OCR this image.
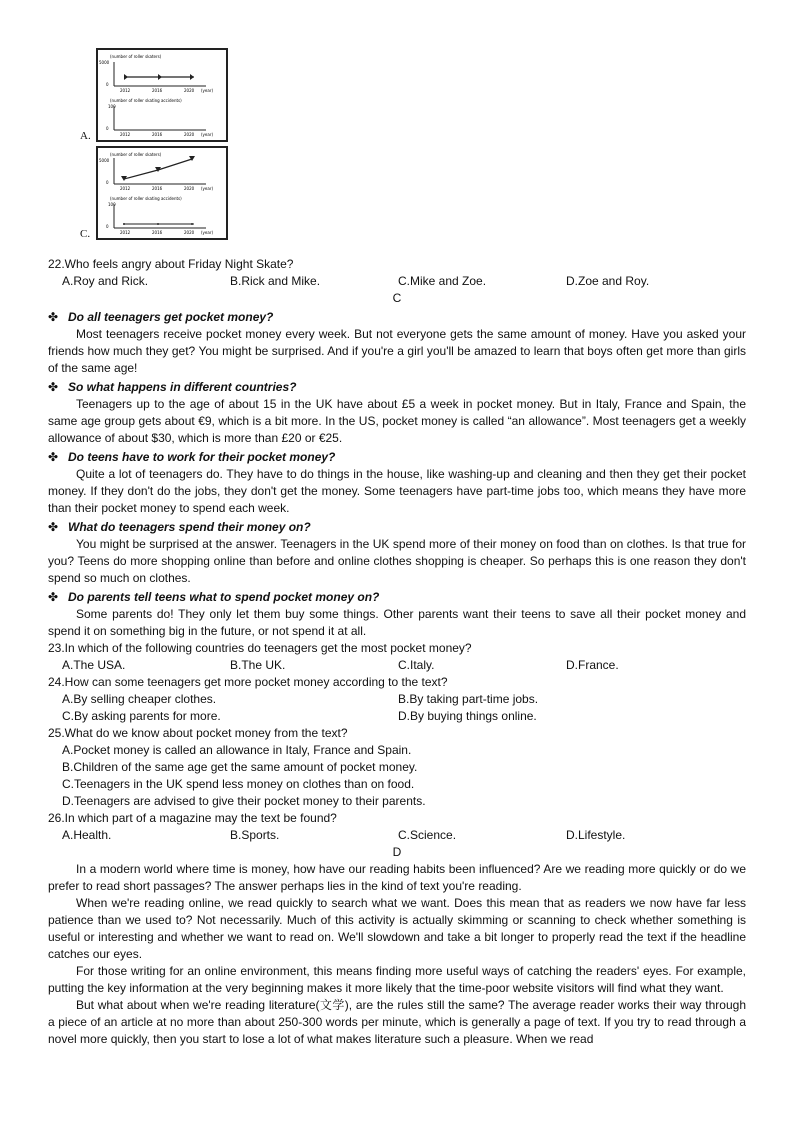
A.
(number of roller skaters)
5000
0
2012	2016	2020 (year)
(number of roller skating accidents)
100
0
2012	2016	2020 (year)
C.
(number of roller skaters)
5000
0
2012	2016	2020 (year)
(number of roller skating accidents)
100
0
2012	2016	2020 (year)

22.Who feels angry about Friday Night Skate?

A.Roy and Rick.	B.Rick and Mike.	C.Mike and Zoe.	D.Zoe and Roy.

C

✤ Do all teenagers get pocket money?

Most teenagers receive pocket money every week. But not everyone gets the same amount of money. Have you asked your friends how much they get? You might be surprised. And if you're a girl you'll be amazed to learn that boys often get more than girls of the same age!

✤ So what happens in different countries?

Teenagers up to the age of about 15 in the UK have about £5 a week in pocket money. But in Italy, France and Spain, the same age group gets about €9, which is a bit more. In the US, pocket money is called “an allowance”. Most teenagers get a weekly allowance of about $30, which is more than £20 or €25.

✤ Do teens have to work for their pocket money?

Quite a lot of teenagers do. They have to do things in the house, like washing-up and cleaning and then they get their pocket money. If they don't do the jobs, they don't get the money. Some teenagers have part-time jobs too, which means they have more than their pocket money to spend each week.

✤ What do teenagers spend their money on?

You might be surprised at the answer. Teenagers in the UK spend more of their money on food than on clothes. Is that true for you? Teens do more shopping online than before and online clothes shopping is cheaper. So perhaps this is one reason they don't spend so much on clothes.

✤ Do parents tell teens what to spend pocket money on?

Some parents do! They only let them buy some things. Other parents want their teens to save all their pocket money and spend it on something big in the future, or not spend it at all.

23.In which of the following countries do teenagers get the most pocket money?

A.The USA.	B.The UK.	C.Italy.	D.France.

24.How can some teenagers get more pocket money according to the text?

A.By selling cheaper clothes.	B.By taking part-time jobs.
C.By asking parents for more.	D.By buying things online.

25.What do we know about pocket money from the text?

A.Pocket money is called an allowance in Italy, France and Spain.

B.Children of the same age get the same amount of pocket money.

C.Teenagers in the UK spend less money on clothes than on food.

D.Teenagers are advised to give their pocket money to their parents.

26.In which part of a magazine may the text be found?

A.Health.	B.Sports.	C.Science.	D.Lifestyle.

D

In a modern world where time is money, how have our reading habits been influenced? Are we reading more quickly or do we prefer to read short passages? The answer perhaps lies in the kind of text you're reading.

When we're reading online, we read quickly to search what we want. Does this mean that as readers we now have far less patience than we used to? Not necessarily. Much of this activity is actually skimming or scanning to check whether something is useful or interesting and whether we want to read on. We'll slowdown and take a bit longer to properly read the text if the headline catches our eyes.

For those writing for an online environment, this means finding more useful ways of catching the readers' eyes. For example, putting the key information at the very beginning makes it more likely that the time-poor website visitors will find what they want.

But what about when we're reading literature(文学), are the rules still the same? The average reader works their way through a piece of an article at no more than about 250-300 words per minute, which is generally a page of text. If you try to read through a novel more quickly, then you start to lose a lot of what makes literature such a pleasure. When we read
